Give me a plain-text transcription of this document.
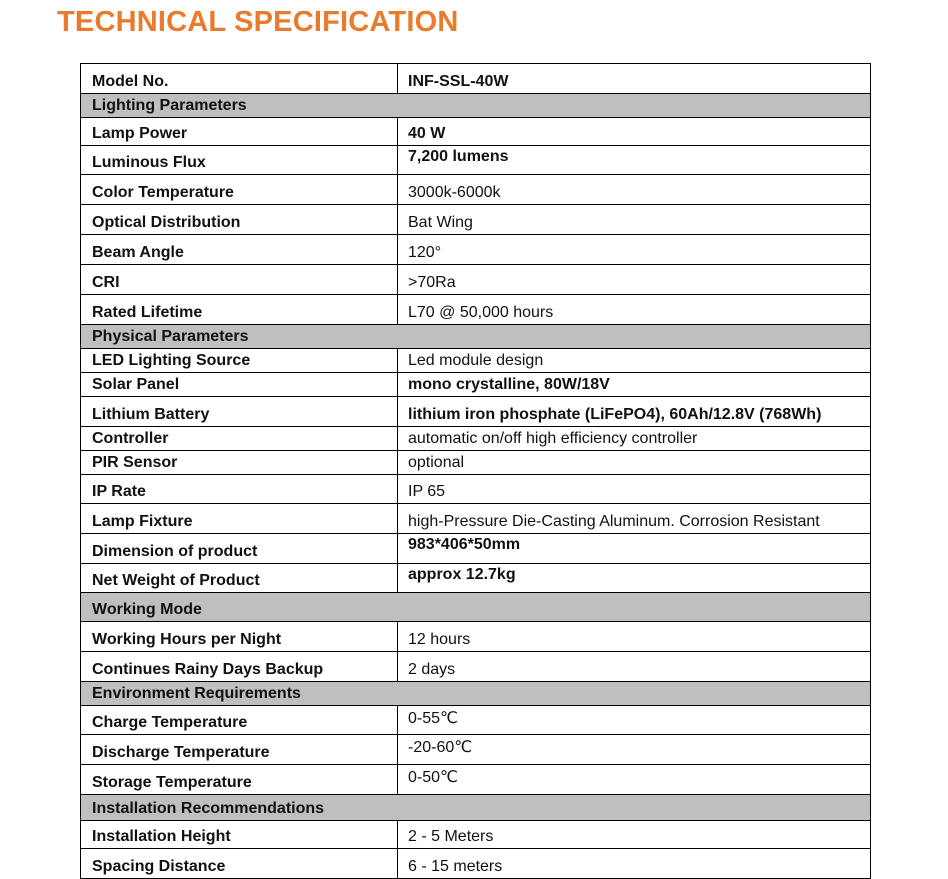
TECHNICAL SPECIFICATION
Model No.	INF-SSL-40W
Lighting Parameters	
Lamp Power	40 W
Luminous Flux	7,200 lumens
Color Temperature	3000k-6000k
Optical Distribution	Bat Wing
Beam Angle	120°
CRI	>70Ra
Rated Lifetime	L70 @ 50,000 hours
Physical Parameters	
LED Lighting Source	Led module design
Solar Panel	mono crystalline, 80W/18V
Lithium Battery	lithium iron phosphate (LiFePO4), 60Ah/12.8V (768Wh)
Controller	automatic on/off high efficiency controller
PIR Sensor	optional
IP Rate	IP 65
Lamp Fixture	high-Pressure Die-Casting Aluminum. Corrosion Resistant
Dimension of product	983*406*50mm
Net Weight of Product	approx 12.7kg
Working Mode	
Working Hours per Night	12 hours
Continues Rainy Days Backup	2 days
Environment Requirements	
Charge Temperature	0-55℃
Discharge Temperature	-20-60℃
Storage Temperature	0-50℃
Installation Recommendations	
Installation Height	2 - 5 Meters
Spacing Distance	6 - 15 meters
